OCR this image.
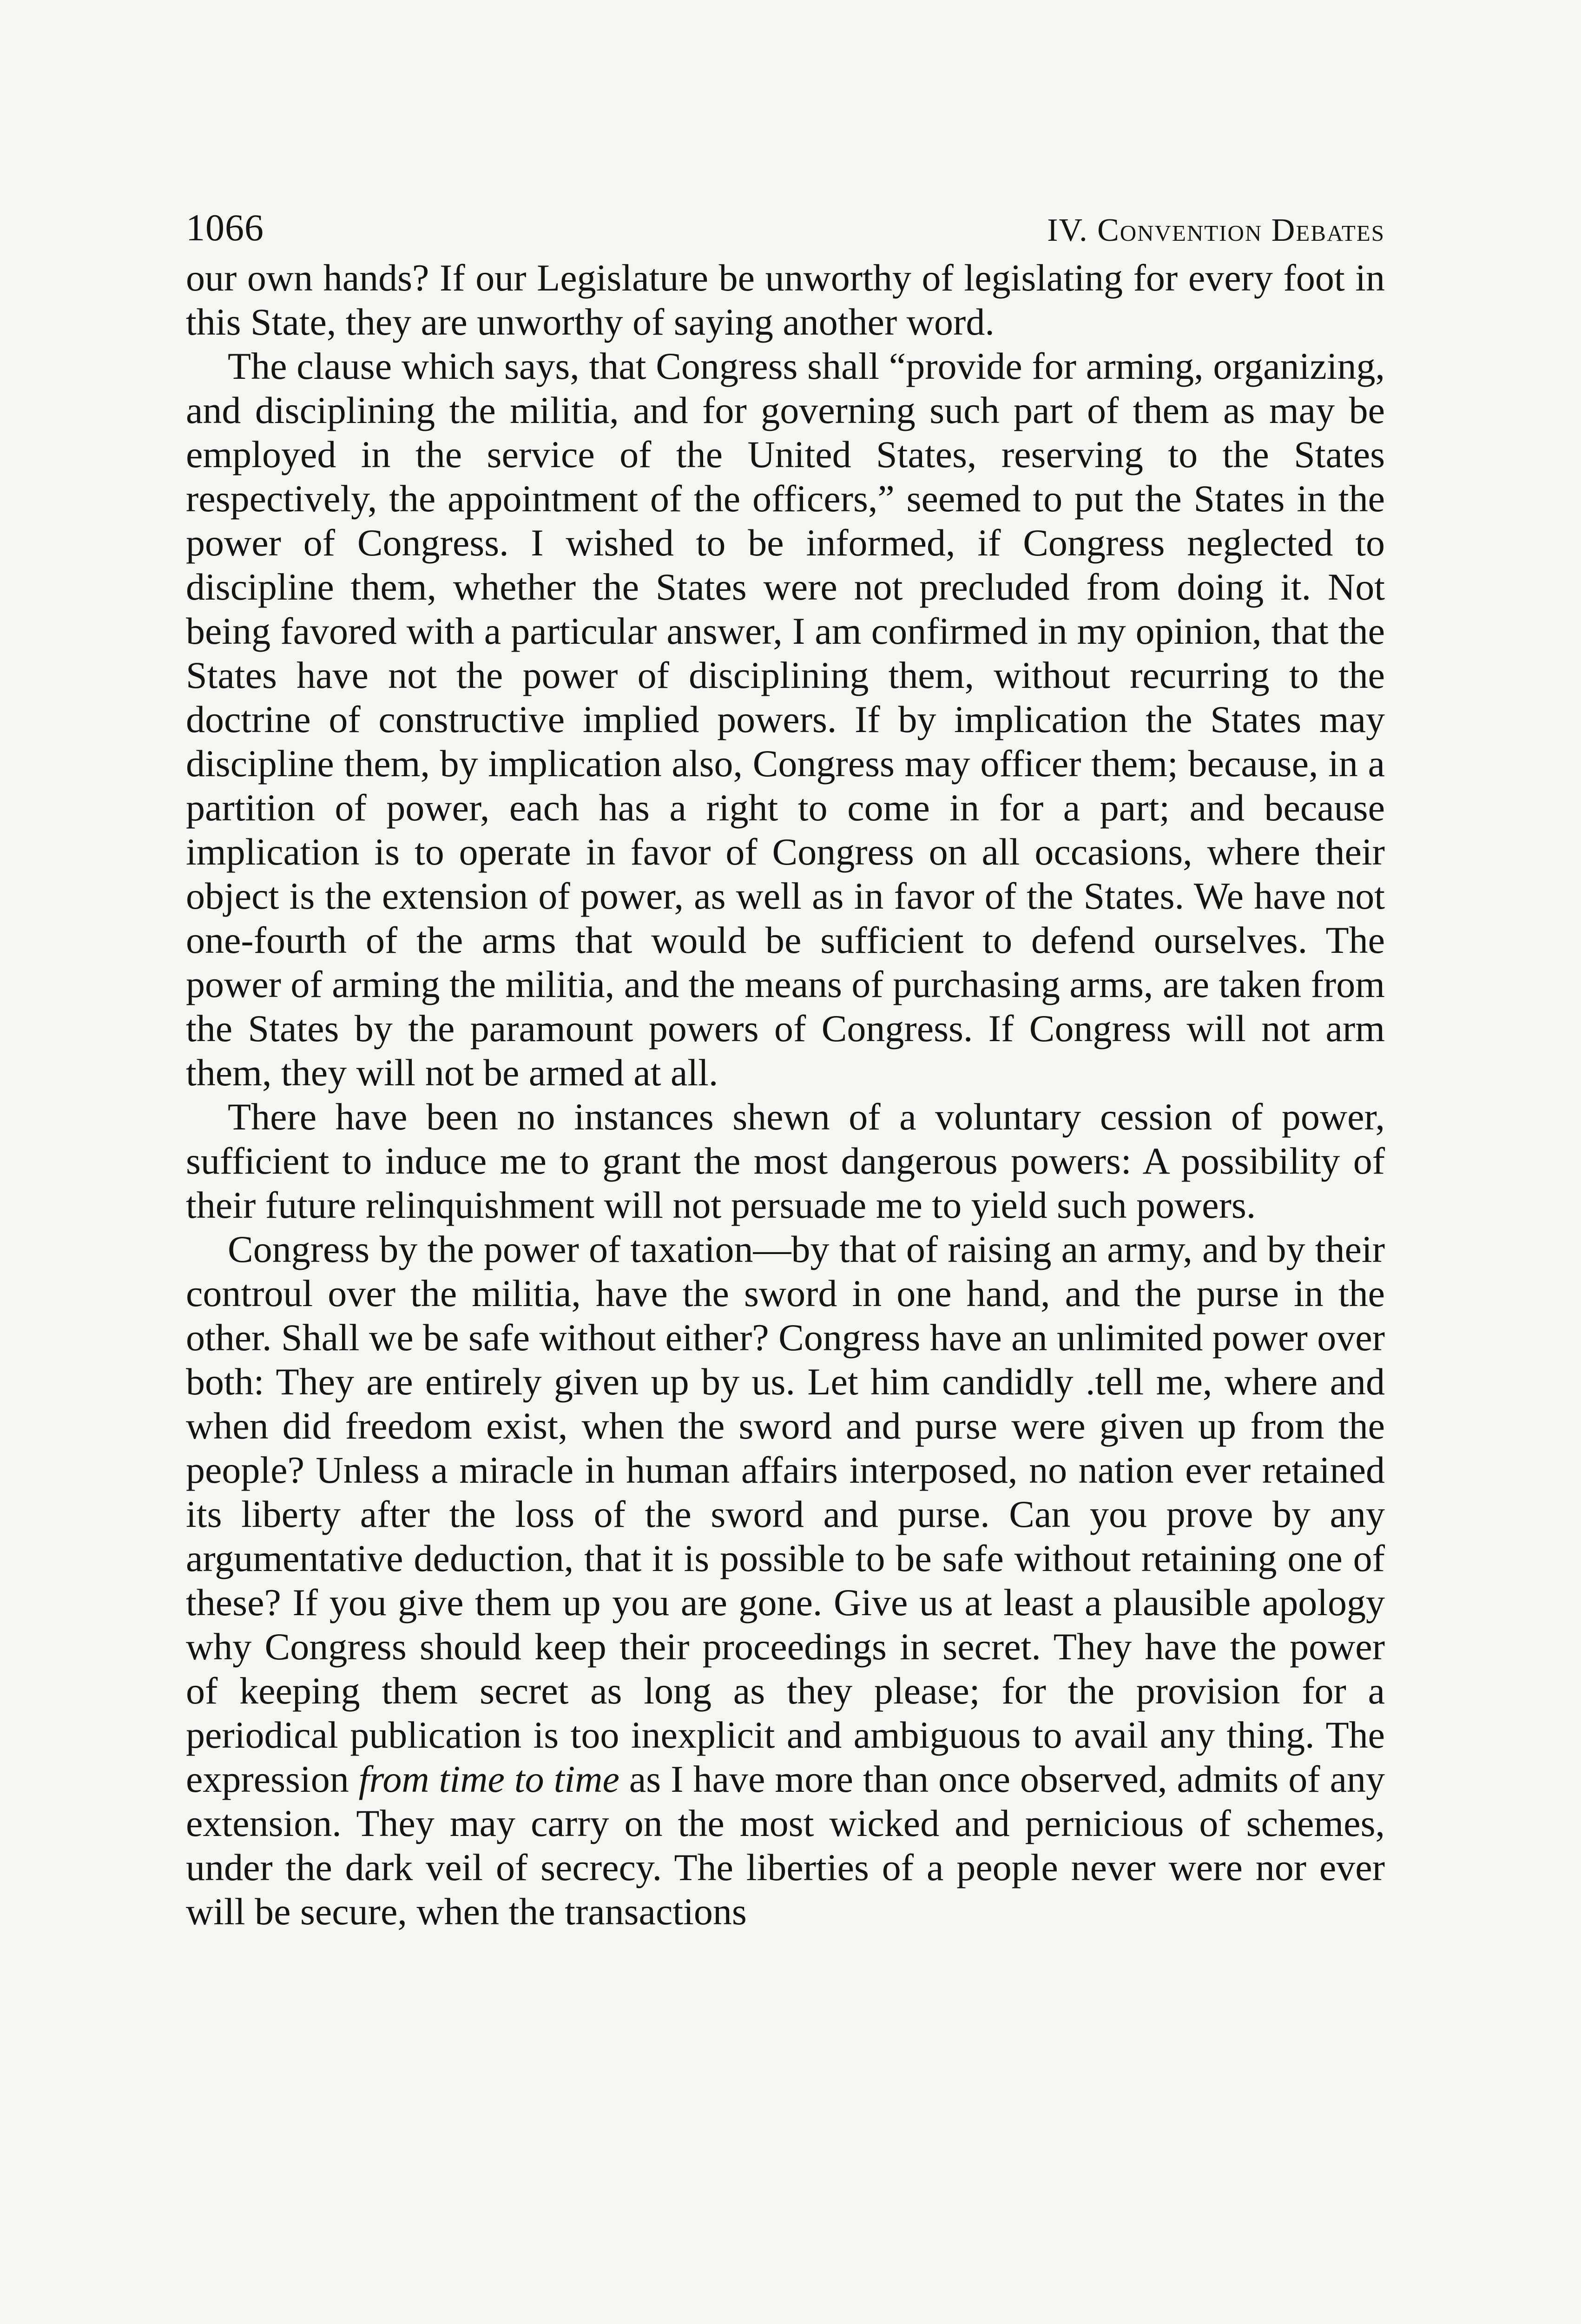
1066	IV. Convention Debates

our own hands? If our Legislature be unworthy of legislating for every foot in this State, they are unworthy of saying another word.

The clause which says, that Congress shall “provide for arming, organizing, and disciplining the militia, and for governing such part of them as may be employed in the service of the United States, reserving to the States respectively, the appointment of the officers,” seemed to put the States in the power of Congress. I wished to be informed, if Congress neglected to discipline them, whether the States were not precluded from doing it. Not being favored with a particular answer, I am confirmed in my opinion, that the States have not the power of disciplining them, without recurring to the doctrine of constructive implied powers. If by implication the States may discipline them, by implication also, Congress may officer them; because, in a partition of power, each has a right to come in for a part; and because implication is to operate in favor of Congress on all occasions, where their object is the extension of power, as well as in favor of the States. We have not one-fourth of the arms that would be sufficient to defend ourselves. The power of arming the militia, and the means of purchasing arms, are taken from the States by the paramount powers of Congress. If Congress will not arm them, they will not be armed at all.

There have been no instances shewn of a voluntary cession of power, sufficient to induce me to grant the most dangerous powers: A possibility of their future relinquishment will not persuade me to yield such powers.

Congress by the power of taxation—by that of raising an army, and by their controul over the militia, have the sword in one hand, and the purse in the other. Shall we be safe without either? Congress have an unlimited power over both: They are entirely given up by us. Let him candidly .tell me, where and when did freedom exist, when the sword and purse were given up from the people? Unless a miracle in human affairs interposed, no nation ever retained its liberty after the loss of the sword and purse. Can you prove by any argumentative deduction, that it is possible to be safe without retaining one of these? If you give them up you are gone. Give us at least a plausible apology why Congress should keep their proceedings in secret. They have the power of keeping them secret as long as they please; for the provision for a periodical publication is too inexplicit and ambiguous to avail any thing. The expression from time to time as I have more than once observed, admits of any extension. They may carry on the most wicked and pernicious of schemes, under the dark veil of secrecy. The liberties of a people never were nor ever will be secure, when the transactions
